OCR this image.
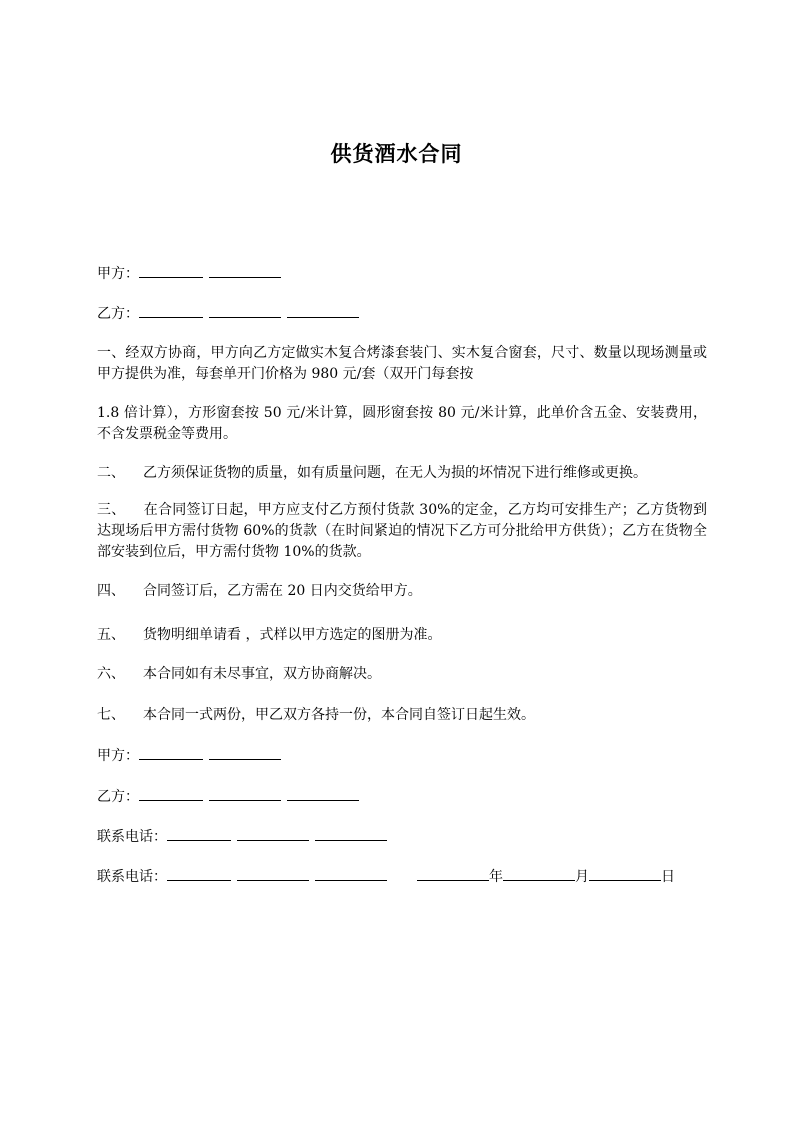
供货酒水合同
甲方：
乙方：
一、经双方协商，甲方向乙方定做实木复合烤漆套装门、实木复合窗套，尺寸、数量以现场测量或甲方提供为准，每套单开门价格为 980 元/套（双开门每套按
1.8 倍计算），方形窗套按 50 元/米计算，圆形窗套按 80 元/米计算，此单价含五金、安装费用，不含发票税金等费用。
二、 乙方须保证货物的质量，如有质量问题，在无人为损的坏情况下进行维修或更换。
三、 在合同签订日起，甲方应支付乙方预付货款 30%的定金，乙方均可安排生产；乙方货物到达现场后甲方需付货物 60%的货款（在时间紧迫的情况下乙方可分批给甲方供货）；乙方在货物全部安装到位后，甲方需付货物 10%的货款。
四、 合同签订后，乙方需在 20 日内交货给甲方。
五、 货物明细单请看 ，式样以甲方选定的图册为准。
六、 本合同如有未尽事宜，双方协商解决。
七、 本合同一式两份，甲乙双方各持一份，本合同自签订日起生效。
甲方：
乙方：
联系电话：
联系电话：	年	月	日
